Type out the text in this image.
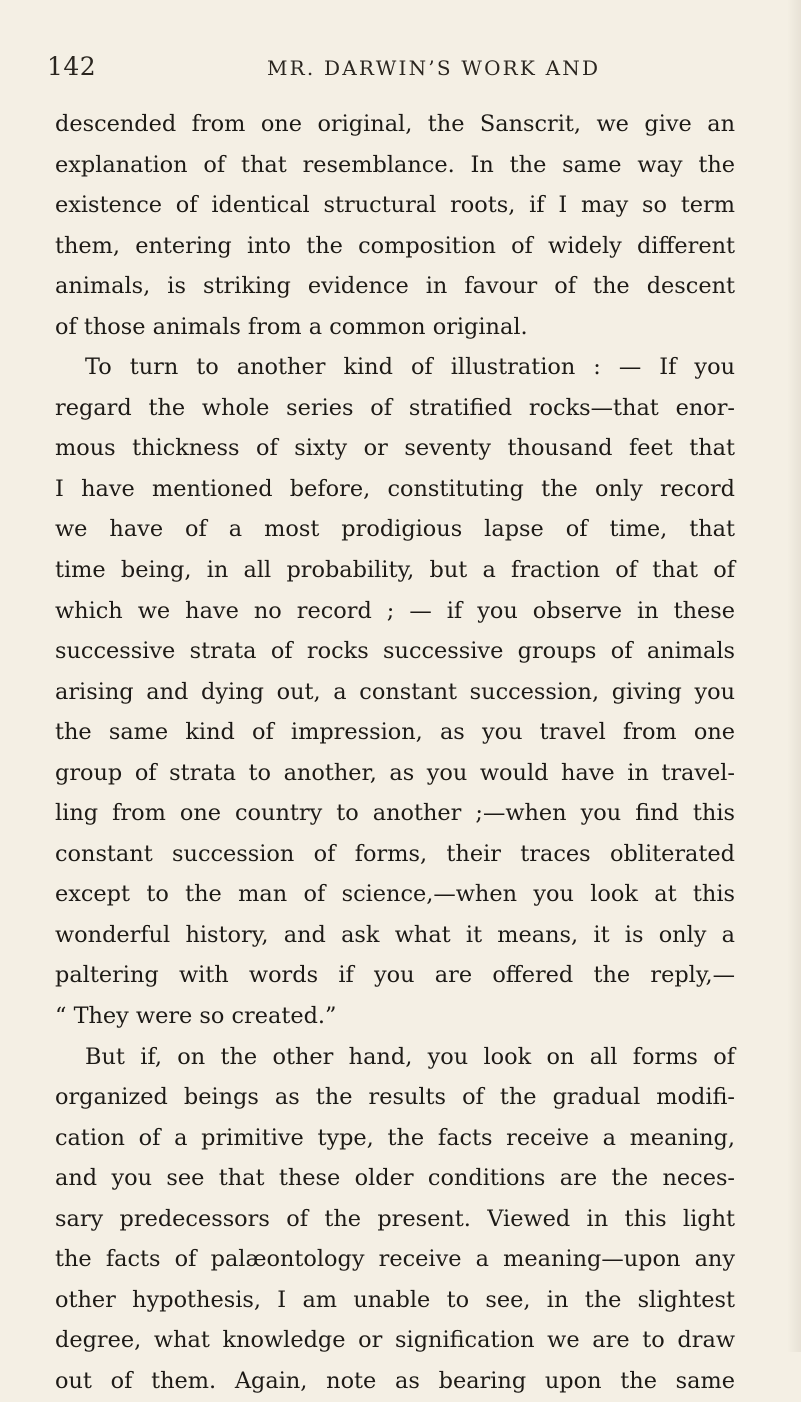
142	MR. DARWIN’S WORK AND
descended from one original, the Sanscrit, we give an
explanation of that resemblance. In the same way the
existence of identical structural roots, if I may so term
them, entering into the composition of widely different
animals, is striking evidence in favour of the descent
of those animals from a common original.
To turn to another kind of illustration : — If you
regard the whole series of stratified rocks—that enor-
mous thickness of sixty or seventy thousand feet that
I have mentioned before, constituting the only record
we have of a most prodigious lapse of time, that
time being, in all probability, but a fraction of that of
which we have no record ; — if you observe in these
successive strata of rocks successive groups of animals
arising and dying out, a constant succession, giving you
the same kind of impression, as you travel from one
group of strata to another, as you would have in travel-
ling from one country to another ;—when you find this
constant succession of forms, their traces obliterated
except to the man of science,—when you look at this
wonderful history, and ask what it means, it is only a
paltering with words if you are offered the reply,—
“ They were so created.”
But if, on the other hand, you look on all forms of
organized beings as the results of the gradual modifi-
cation of a primitive type, the facts receive a meaning,
and you see that these older conditions are the neces-
sary predecessors of the present. Viewed in this light
the facts of palæontology receive a meaning—upon any
other hypothesis, I am unable to see, in the slightest
degree, what knowledge or signification we are to draw
out of them. Again, note as bearing upon the same
